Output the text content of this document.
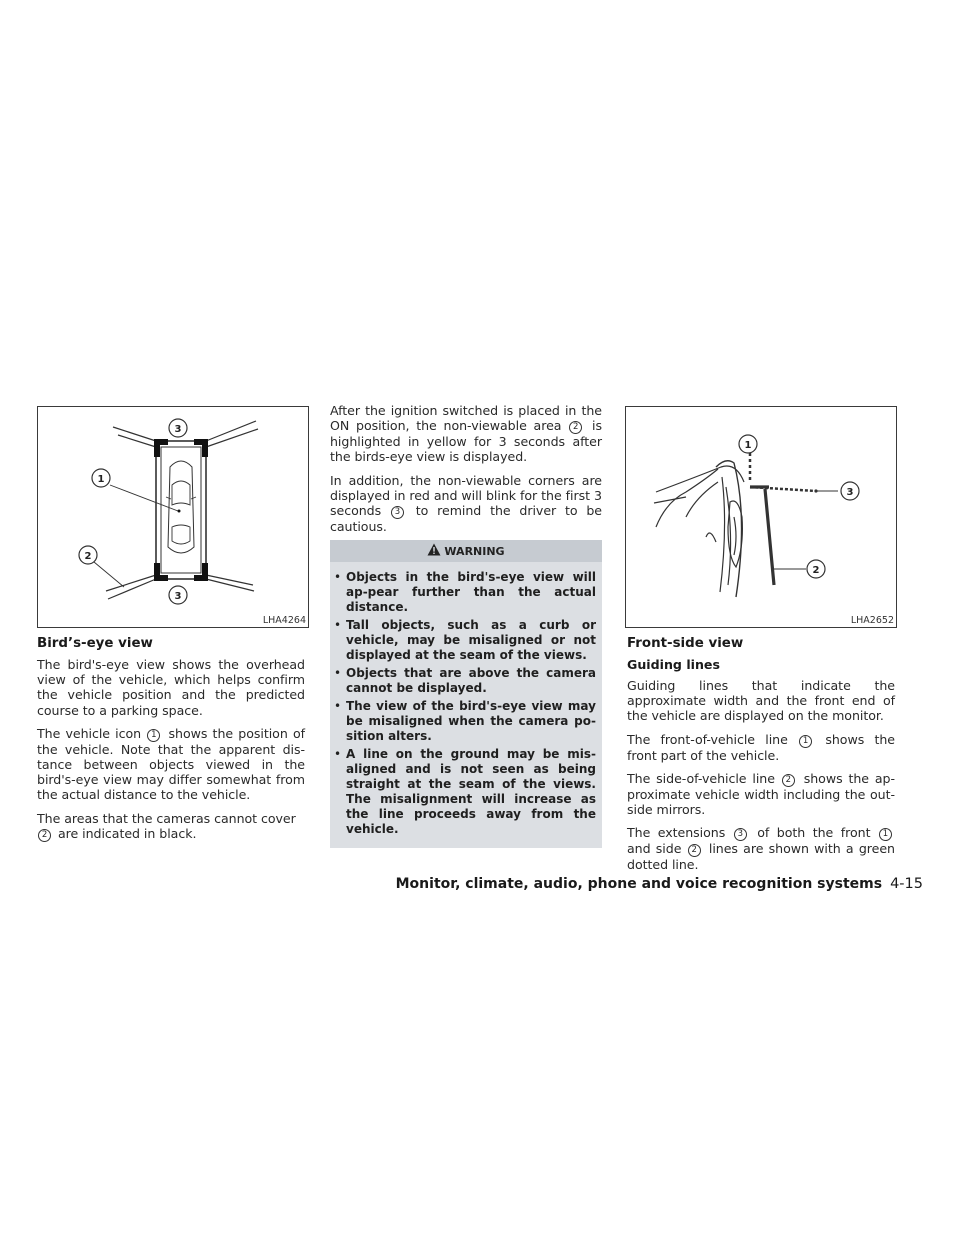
3
1
2
3
LHA4264
1
3
2
LHA2652
Bird’s-eye view

The bird's-eye view shows the overhead view of the vehicle, which helps confirm the vehicle position and the predicted course to a parking space.

The vehicle icon 1 shows the position of the vehicle. Note that the apparent dis-tance between objects viewed in the bird's-eye view may differ somewhat from the actual distance to the vehicle.

The areas that the cameras cannot cover
2 are indicated in black.

After the ignition switched is placed in the ON position, the non-viewable area 2 is highlighted in yellow for 3 seconds after the birds-eye view is displayed.

In addition, the non-viewable corners are displayed in red and will blink for the first 3 seconds 3 to remind the driver to be cautious.

WARNING
• Objects in the bird's-eye view will ap-pear further than the actual distance.
• Tall objects, such as a curb or vehicle, may be misaligned or not displayed at the seam of the views.
• Objects that are above the camera cannot be displayed.
• The view of the bird's-eye view may be misaligned when the camera po-sition alters.
• A line on the ground may be mis-aligned and is not seen as being straight at the seam of the views. The misalignment will increase as the line proceeds away from the vehicle.
Front-side view
Guiding lines

Guiding lines that indicate the approximate width and the front end of the vehicle are displayed on the monitor.

The front-of-vehicle line 1 shows the front part of the vehicle.

The side-of-vehicle line 2 shows the ap-proximate vehicle width including the out-side mirrors.

The extensions 3 of both the front 1 and side 2 lines are shown with a green dotted line.

Monitor, climate, audio, phone and voice recognition systems 4-15
